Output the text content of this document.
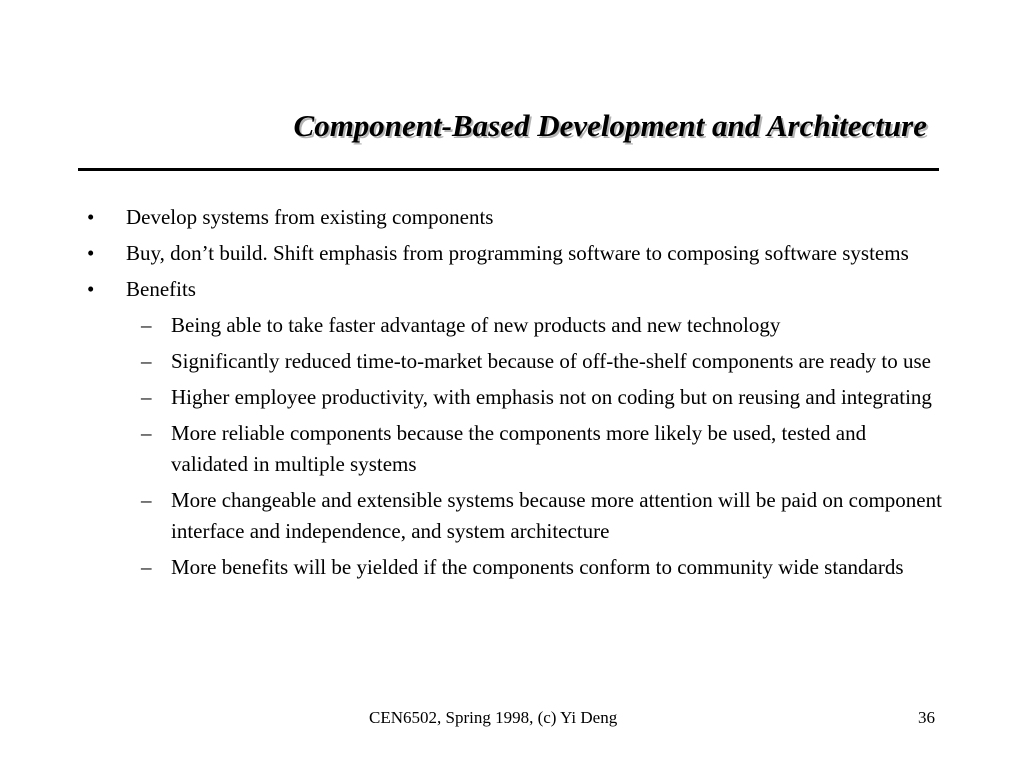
Component-Based Development and Architecture
• Develop systems from existing components
• Buy, don’t build. Shift emphasis from programming software to composing software systems
• Benefits
– Being able to take faster advantage of new products and new technology
– Significantly reduced time-to-market because of off-the-shelf components are ready to use
– Higher employee productivity, with emphasis not on coding but on reusing and integrating
– More reliable components because the components more likely be used, tested and validated in multiple systems
– More changeable and extensible systems because more attention will be paid on component interface and independence, and system architecture
– More benefits will be yielded if the components conform to community wide standards
CEN6502, Spring 1998, (c) Yi Deng	36
